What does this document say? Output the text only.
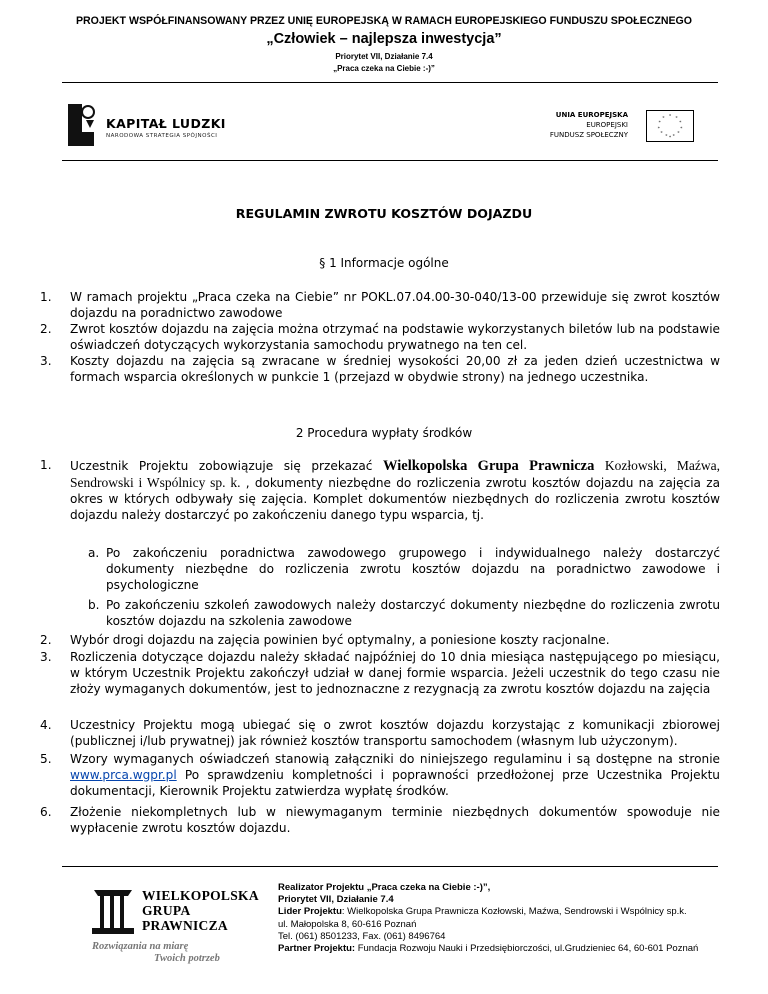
PROJEKT WSPÓŁFINANSOWANY PRZEZ UNIĘ EUROPEJSKĄ W RAMACH EUROPEJSKIEGO FUNDUSZU SPOŁECZNEGO
„Człowiek – najlepsza inwestycja”
Priorytet VII, Działanie 7.4
„Praca czeka na Ciebie :-)”
KAPITAŁ LUDZKI
NARODOWA STRATEGIA SPÓJNOŚCI
UNIA EUROPEJSKA
EUROPEJSKI
FUNDUSZ SPOŁECZNY
* *
*
*
*
*
*
*
*
*
*
*
REGULAMIN ZWROTU KOSZTÓW DOJAZDU
§ 1 Informacje ogólne
1. W ramach projektu „Praca czeka na Ciebie” nr POKL.07.04.00-30-040/13-00 przewiduje się zwrot kosztów dojazdu na poradnictwo zawodowe
2. Zwrot kosztów dojazdu na zajęcia można otrzymać na podstawie wykorzystanych biletów lub na podstawie oświadczeń dotyczących wykorzystania samochodu prywatnego na ten cel.
3. Koszty dojazdu na zajęcia są zwracane w średniej wysokości 20,00 zł za jeden dzień uczestnictwa w formach wsparcia określonych w punkcie 1 (przejazd w obydwie strony) na jednego uczestnika.
2 Procedura wypłaty środków
1. Uczestnik Projektu zobowiązuje się przekazać Wielkopolska Grupa Prawnicza Kozłowski, Maźwa, Sendrowski i Wspólnicy sp. k. , dokumenty niezbędne do rozliczenia zwrotu kosztów dojazdu na zajęcia za okres w których odbywały się zajęcia. Komplet dokumentów niezbędnych do rozliczenia zwrotu kosztów dojazdu należy dostarczyć po zakończeniu danego typu wsparcia, tj.
a. Po zakończeniu poradnictwa zawodowego grupowego i indywidualnego należy dostarczyć dokumenty niezbędne do rozliczenia zwrotu kosztów dojazdu na poradnictwo zawodowe i psychologiczne
b. Po zakończeniu szkoleń zawodowych należy dostarczyć dokumenty niezbędne do rozliczenia zwrotu kosztów dojazdu na szkolenia zawodowe
2. Wybór drogi dojazdu na zajęcia powinien być optymalny, a poniesione koszty racjonalne.
3. Rozliczenia dotyczące dojazdu należy składać najpóźniej do 10 dnia miesiąca następującego po miesiącu, w którym Uczestnik Projektu zakończył udział w danej formie wsparcia. Jeżeli uczestnik do tego czasu nie złoży wymaganych dokumentów, jest to jednoznaczne z rezygnacją za zwrotu kosztów dojazdu na zajęcia
4. Uczestnicy Projektu mogą ubiegać się o zwrot kosztów dojazdu korzystając z komunikacji zbiorowej (publicznej i/lub prywatnej) jak również kosztów transportu samochodem (własnym lub użyczonym).
5. Wzory wymaganych oświadczeń stanowią załączniki do niniejszego regulaminu i są dostępne na stronie www.prca.wgpr.pl Po sprawdzeniu kompletności i poprawności przedłożonej prze Uczestnika Projektu dokumentacji, Kierownik Projektu zatwierdza wypłatę środków.
6. Złożenie niekompletnych lub w niewymaganym terminie niezbędnych dokumentów spowoduje nie wypłacenie zwrotu kosztów dojazdu.
WIELKOPOLSKA
GRUPA
PRAWNICZA
Rozwiązania na miarę
Twoich potrzeb
Realizator Projektu „Praca czeka na Ciebie :-)”,
Priorytet VII, Działanie 7.4
Lider Projektu: Wielkopolska Grupa Prawnicza Kozłowski, Maźwa, Sendrowski i Wspólnicy sp.k.
ul. Małopolska 8, 60-616 Poznań
Tel. (061) 8501233, Fax. (061) 8496764
Partner Projektu: Fundacja Rozwoju Nauki i Przedsiębiorczości, ul.Grudzieniec 64, 60-601 Poznań
